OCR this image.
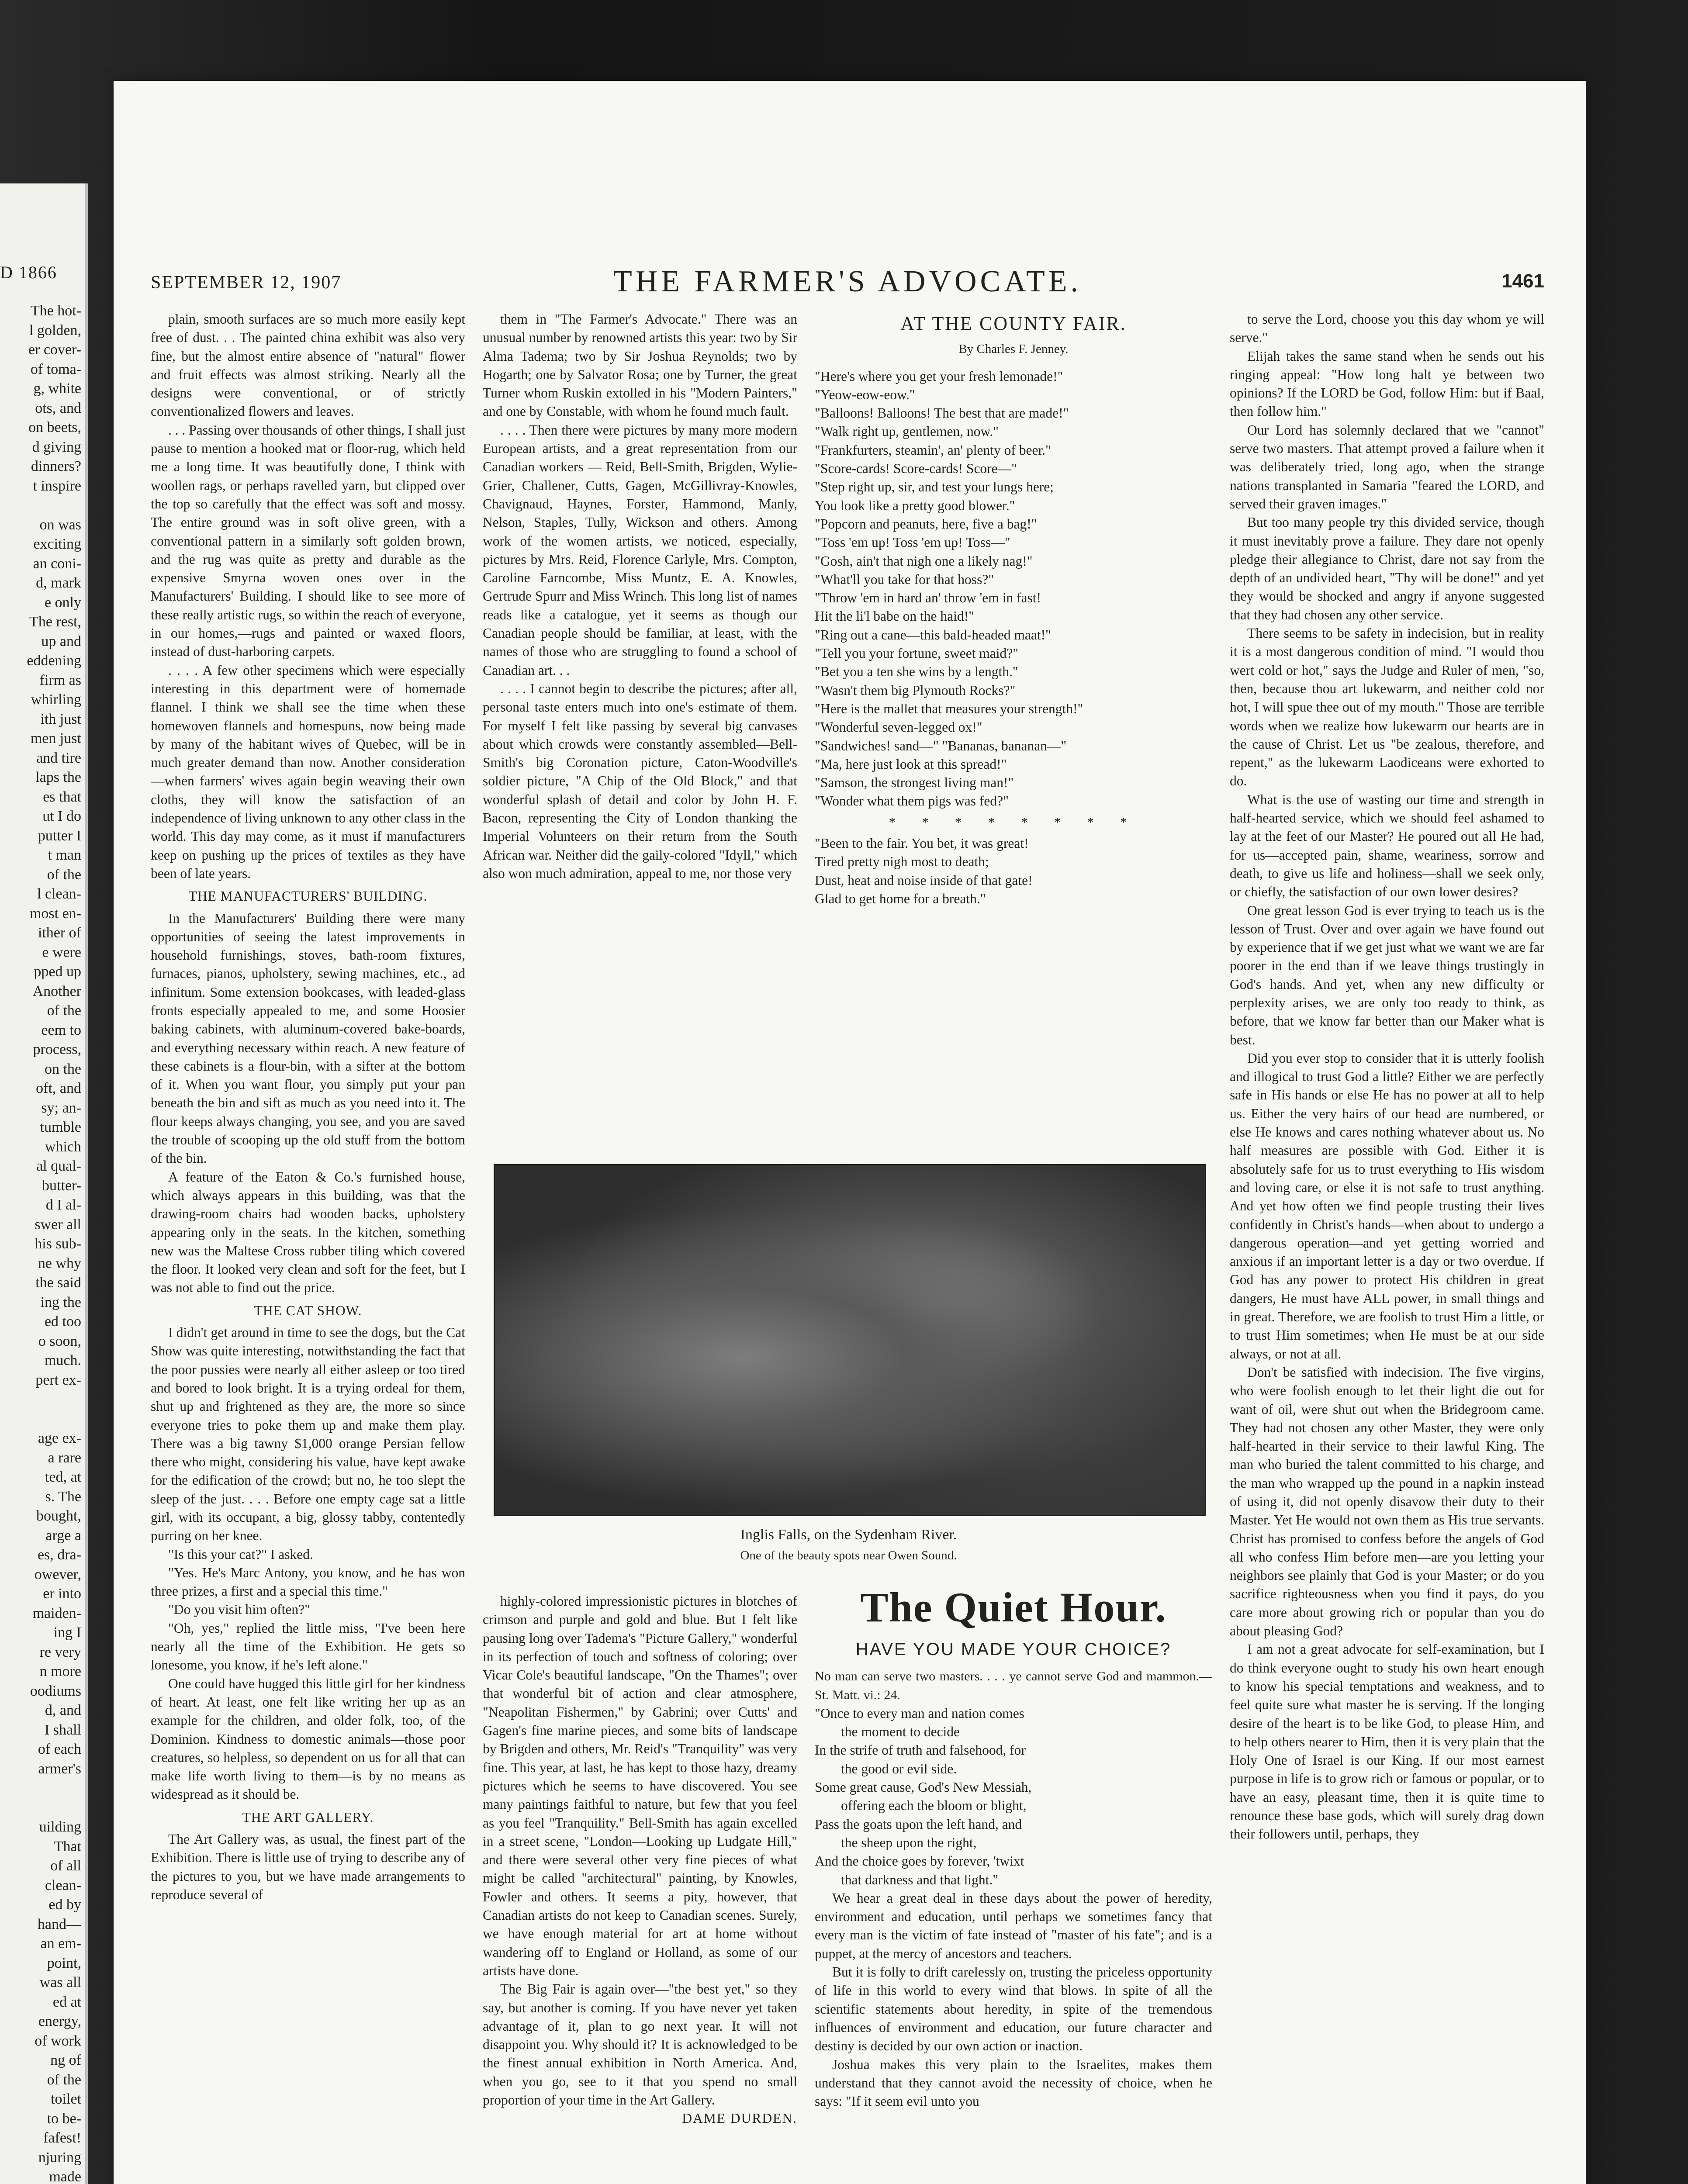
D 1866
The hot-
l golden,
er cover-
of toma-
g, white
ots, and
on beets,
d giving
dinners?
t inspire
on was
exciting
an coni-
d, mark
e only
The rest,
up and
eddening
firm as
whirling
ith just
men just
and tire
laps the
es that
ut I do
putter I
t man
of the
l clean-
most en-
ither of
e were
pped up
Another
of the
eem to
process,
on the
oft, and
sy; an-
tumble
which
al qual-
butter-
d I al-
swer all
his sub-
ne why
the said
ing the
ed too
o soon,
much.
pert ex-
age ex-
a rare
ted, at
s. The
bought,
arge a
es, dra-
owever,
er into
maiden-
ing I
re very
n more
oodiums
d, and
I shall
of each
armer's
uilding
That
of all
clean-
ed by
hand—
an em-
point,
was all
ed at
energy,
of work
ng of
of the
toilet
to be-
fafest!
njuring
made
SEPTEMBER 12, 1907	THE FARMER'S ADVOCATE.	1461

plain, smooth surfaces are so much more easily kept free of dust. . . The painted china exhibit was also very fine, but the almost entire absence of "natural" flower and fruit effects was almost striking. Nearly all the designs were conventional, or of strictly conventionalized flowers and leaves.

. . . Passing over thousands of other things, I shall just pause to mention a hooked mat or floor-rug, which held me a long time. It was beautifully done, I think with woollen rags, or perhaps ravelled yarn, but clipped over the top so carefully that the effect was soft and mossy. The entire ground was in soft olive green, with a conventional pattern in a similarly soft golden brown, and the rug was quite as pretty and durable as the expensive Smyrna woven ones over in the Manufacturers' Building. I should like to see more of these really artistic rugs, so within the reach of everyone, in our homes,—rugs and painted or waxed floors, instead of dust-harboring carpets.

. . . . A few other specimens which were especially interesting in this department were of homemade flannel. I think we shall see the time when these homewoven flannels and homespuns, now being made by many of the habitant wives of Quebec, will be in much greater demand than now. Another consideration—when farmers' wives again begin weaving their own cloths, they will know the satisfaction of an independence of living unknown to any other class in the world. This day may come, as it must if manufacturers keep on pushing up the prices of textiles as they have been of late years.

THE MANUFACTURERS' BUILDING.

In the Manufacturers' Building there were many opportunities of seeing the latest improvements in household furnishings, stoves, bath-room fixtures, furnaces, pianos, upholstery, sewing machines, etc., ad infinitum. Some extension bookcases, with leaded-glass fronts especially appealed to me, and some Hoosier baking cabinets, with aluminum-covered bake-boards, and everything necessary within reach. A new feature of these cabinets is a flour-bin, with a sifter at the bottom of it. When you want flour, you simply put your pan beneath the bin and sift as much as you need into it. The flour keeps always changing, you see, and you are saved the trouble of scooping up the old stuff from the bottom of the bin.

A feature of the Eaton & Co.'s furnished house, which always appears in this building, was that the drawing-room chairs had wooden backs, upholstery appearing only in the seats. In the kitchen, something new was the Maltese Cross rubber tiling which covered the floor. It looked very clean and soft for the feet, but I was not able to find out the price.

THE CAT SHOW.

I didn't get around in time to see the dogs, but the Cat Show was quite interesting, notwithstanding the fact that the poor pussies were nearly all either asleep or too tired and bored to look bright. It is a trying ordeal for them, shut up and frightened as they are, the more so since everyone tries to poke them up and make them play. There was a big tawny $1,000 orange Persian fellow there who might, considering his value, have kept awake for the edification of the crowd; but no, he too slept the sleep of the just. . . . Before one empty cage sat a little girl, with its occupant, a big, glossy tabby, contentedly purring on her knee.

"Is this your cat?" I asked.

"Yes. He's Marc Antony, you know, and he has won three prizes, a first and a special this time."

"Do you visit him often?"

"Oh, yes," replied the little miss, "I've been here nearly all the time of the Exhibition. He gets so lonesome, you know, if he's left alone."

One could have hugged this little girl for her kindness of heart. At least, one felt like writing her up as an example for the children, and older folk, too, of the Dominion. Kindness to domestic animals—those poor creatures, so helpless, so dependent on us for all that can make life worth living to them—is by no means as widespread as it should be.

THE ART GALLERY.

The Art Gallery was, as usual, the finest part of the Exhibition. There is little use of trying to describe any of the pictures to you, but we have made arrangements to reproduce several of

them in "The Farmer's Advocate." There was an unusual number by renowned artists this year: two by Sir Alma Tadema; two by Sir Joshua Reynolds; two by Hogarth; one by Salvator Rosa; one by Turner, the great Turner whom Ruskin extolled in his "Modern Painters," and one by Constable, with whom he found much fault.

. . . . Then there were pictures by many more modern European artists, and a great representation from our Canadian workers — Reid, Bell-Smith, Brigden, Wylie-Grier, Challener, Cutts, Gagen, McGillivray-Knowles, Chavignaud, Haynes, Forster, Hammond, Manly, Nelson, Staples, Tully, Wickson and others. Among work of the women artists, we noticed, especially, pictures by Mrs. Reid, Florence Carlyle, Mrs. Compton, Caroline Farncombe, Miss Muntz, E. A. Knowles, Gertrude Spurr and Miss Wrinch. This long list of names reads like a catalogue, yet it seems as though our Canadian people should be familiar, at least, with the names of those who are struggling to found a school of Canadian art. . .

. . . . I cannot begin to describe the pictures; after all, personal taste enters much into one's estimate of them. For myself I felt like passing by several big canvases about which crowds were constantly assembled—Bell-Smith's big Coronation picture, Caton-Woodville's soldier picture, "A Chip of the Old Block," and that wonderful splash of detail and color by John H. F. Bacon, representing the City of London thanking the Imperial Volunteers on their return from the South African war. Neither did the gaily-colored "Idyll," which also won much admiration, appeal to me, nor those very

AT THE COUNTY FAIR.
By Charles F. Jenney.

"Here's where you get your fresh lemonade!"

"Yeow-eow-eow."

"Balloons! Balloons! The best that are made!"

"Walk right up, gentlemen, now."

"Frankfurters, steamin', an' plenty of beer."

"Score-cards! Score-cards! Score—"

"Step right up, sir, and test your lungs here;

You look like a pretty good blower."

"Popcorn and peanuts, here, five a bag!"

"Toss 'em up! Toss 'em up! Toss—"

"Gosh, ain't that nigh one a likely nag!"

"What'll you take for that hoss?"

"Throw 'em in hard an' throw 'em in fast!

Hit the li'l babe on the haid!"

"Ring out a cane—this bald-headed maat!"

"Tell you your fortune, sweet maid?"

"Bet you a ten she wins by a length."

"Wasn't them big Plymouth Rocks?"

"Here is the mallet that measures your strength!"

"Wonderful seven-legged ox!"

"Sandwiches! sand—" "Bananas, bananan—"

"Ma, here just look at this spread!"

"Samson, the strongest living man!"

"Wonder what them pigs was fed?"

* * * * * * * *

"Been to the fair. You bet, it was great!

Tired pretty nigh most to death;

Dust, heat and noise inside of that gate!

Glad to get home for a breath."

Inglis Falls, on the Sydenham River.
One of the beauty spots near Owen Sound.

highly-colored impressionistic pictures in blotches of crimson and purple and gold and blue. But I felt like pausing long over Tadema's "Picture Gallery," wonderful in its perfection of touch and softness of coloring; over Vicar Cole's beautiful landscape, "On the Thames"; over that wonderful bit of action and clear atmosphere, "Neapolitan Fishermen," by Gabrini; over Cutts' and Gagen's fine marine pieces, and some bits of landscape by Brigden and others, Mr. Reid's "Tranquility" was very fine. This year, at last, he has kept to those hazy, dreamy pictures which he seems to have discovered. You see many paintings faithful to nature, but few that you feel as you feel "Tranquility." Bell-Smith has again excelled in a street scene, "London—Looking up Ludgate Hill," and there were several other very fine pieces of what might be called "architectural" painting, by Knowles, Fowler and others. It seems a pity, however, that Canadian artists do not keep to Canadian scenes. Surely, we have enough material for art at home without wandering off to England or Holland, as some of our artists have done.

The Big Fair is again over—"the best yet," so they say, but another is coming. If you have never yet taken advantage of it, plan to go next year. It will not disappoint you. Why should it? It is acknowledged to be the finest annual exhibition in North America. And, when you go, see to it that you spend no small proportion of your time in the Art Gallery.

DAME DURDEN.

The Quiet Hour.
HAVE YOU MADE YOUR CHOICE?

No man can serve two masters. . . . ye cannot serve God and mammon.—St. Matt. vi.: 24.

"Once to every man and nation comes

the moment to decide

In the strife of truth and falsehood, for

the good or evil side.

Some great cause, God's New Messiah,

offering each the bloom or blight,

Pass the goats upon the left hand, and

the sheep upon the right,

And the choice goes by forever, 'twixt

that darkness and that light."

We hear a great deal in these days about the power of heredity, environment and education, until perhaps we sometimes fancy that every man is the victim of fate instead of "master of his fate"; and is a puppet, at the mercy of ancestors and teachers.

But it is folly to drift carelessly on, trusting the priceless opportunity of life in this world to every wind that blows. In spite of all the scientific statements about heredity, in spite of the tremendous influences of environment and education, our future character and destiny is decided by our own action or inaction.

Joshua makes this very plain to the Israelites, makes them understand that they cannot avoid the necessity of choice, when he says: "If it seem evil unto you

to serve the Lord, choose you this day whom ye will serve."

Elijah takes the same stand when he sends out his ringing appeal: "How long halt ye between two opinions? If the LORD be God, follow Him: but if Baal, then follow him."

Our Lord has solemnly declared that we "cannot" serve two masters. That attempt proved a failure when it was deliberately tried, long ago, when the strange nations transplanted in Samaria "feared the LORD, and served their graven images."

But too many people try this divided service, though it must inevitably prove a failure. They dare not openly pledge their allegiance to Christ, dare not say from the depth of an undivided heart, "Thy will be done!" and yet they would be shocked and angry if anyone suggested that they had chosen any other service.

There seems to be safety in indecision, but in reality it is a most dangerous condition of mind. "I would thou wert cold or hot," says the Judge and Ruler of men, "so, then, because thou art lukewarm, and neither cold nor hot, I will spue thee out of my mouth." Those are terrible words when we realize how lukewarm our hearts are in the cause of Christ. Let us "be zealous, therefore, and repent," as the lukewarm Laodiceans were exhorted to do.

What is the use of wasting our time and strength in half-hearted service, which we should feel ashamed to lay at the feet of our Master? He poured out all He had, for us—accepted pain, shame, weariness, sorrow and death, to give us life and holiness—shall we seek only, or chiefly, the satisfaction of our own lower desires?

One great lesson God is ever trying to teach us is the lesson of Trust. Over and over again we have found out by experience that if we get just what we want we are far poorer in the end than if we leave things trustingly in God's hands. And yet, when any new difficulty or perplexity arises, we are only too ready to think, as before, that we know far better than our Maker what is best.

Did you ever stop to consider that it is utterly foolish and illogical to trust God a little? Either we are perfectly safe in His hands or else He has no power at all to help us. Either the very hairs of our head are numbered, or else He knows and cares nothing whatever about us. No half measures are possible with God. Either it is absolutely safe for us to trust everything to His wisdom and loving care, or else it is not safe to trust anything. And yet how often we find people trusting their lives confidently in Christ's hands—when about to undergo a dangerous operation—and yet getting worried and anxious if an important letter is a day or two overdue. If God has any power to protect His children in great dangers, He must have ALL power, in small things and in great. Therefore, we are foolish to trust Him a little, or to trust Him sometimes; when He must be at our side always, or not at all.

Don't be satisfied with indecision. The five virgins, who were foolish enough to let their light die out for want of oil, were shut out when the Bridegroom came. They had not chosen any other Master, they were only half-hearted in their service to their lawful King. The man who buried the talent committed to his charge, and the man who wrapped up the pound in a napkin instead of using it, did not openly disavow their duty to their Master. Yet He would not own them as His true servants. Christ has promised to confess before the angels of God all who confess Him before men—are you letting your neighbors see plainly that God is your Master; or do you sacrifice righteousness when you find it pays, do you care more about growing rich or popular than you do about pleasing God?

I am not a great advocate for self-examination, but I do think everyone ought to study his own heart enough to know his special temptations and weakness, and to feel quite sure what master he is serving. If the longing desire of the heart is to be like God, to please Him, and to help others nearer to Him, then it is very plain that the Holy One of Israel is our King. If our most earnest purpose in life is to grow rich or famous or popular, or to have an easy, pleasant time, then it is quite time to renounce these base gods, which will surely drag down their followers until, perhaps, they
